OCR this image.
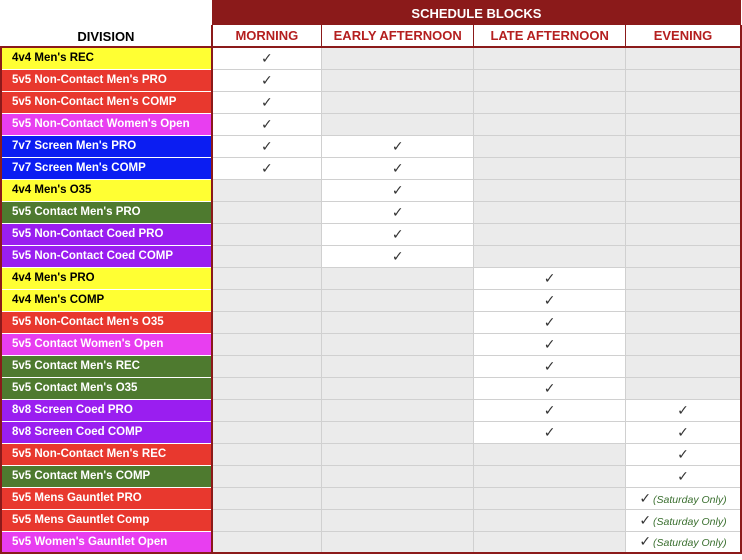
DIVISION	SCHEDULE BLOCKS			
	MORNING	EARLY AFTERNOON	LATE AFTERNOON	EVENING
4v4 Men's REC	✓			
5v5 Non-Contact Men's PRO	✓			
5v5 Non-Contact Men's COMP	✓			
5v5 Non-Contact Women's Open	✓			
7v7 Screen Men's PRO	✓	✓		
7v7 Screen Men's COMP	✓	✓		
4v4 Men's O35		✓		
5v5 Contact Men's PRO		✓		
5v5 Non-Contact Coed PRO		✓		
5v5 Non-Contact Coed COMP		✓		
4v4 Men's PRO			✓	
4v4 Men's COMP			✓	
5v5 Non-Contact Men's O35			✓	
5v5 Contact Women's Open			✓	
5v5 Contact Men's REC			✓	
5v5 Contact Men's O35			✓	
8v8 Screen Coed PRO			✓	✓
8v8 Screen Coed COMP			✓	✓
5v5 Non-Contact Men's REC				✓
5v5 Contact Men's COMP				✓
5v5 Mens Gauntlet PRO				✓ (Saturday Only)
5v5 Mens Gauntlet Comp				✓ (Saturday Only)
5v5 Women's Gauntlet Open				✓ (Saturday Only)
